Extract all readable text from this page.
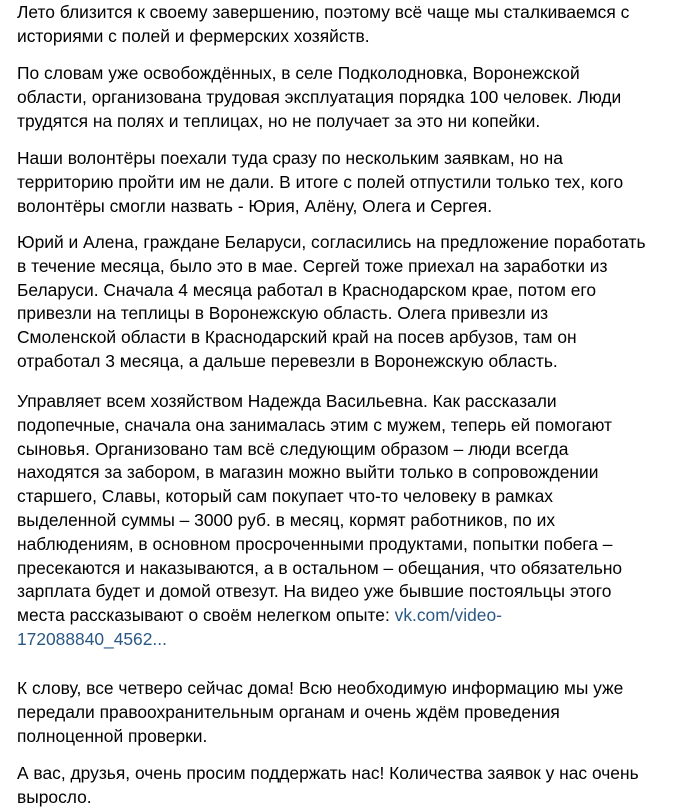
Лето близится к своему завершению, поэтому всё чаще мы сталкиваемся с
историями с полей и фермерских хозяйств.

По словам уже освобождённых, в селе Подколодновка, Воронежской
области, организована трудовая эксплуатация порядка 100 человек. Люди
трудятся на полях и теплицах, но не получает за это ни копейки.

Наши волонтёры поехали туда сразу по нескольким заявкам, но на
территорию пройти им не дали. В итоге с полей отпустили только тех, кого
волонтёры смогли назвать - Юрия, Алёну, Олега и Сергея.

Юрий и Алена, граждане Беларуси, согласились на предложение поработать
в течение месяца, было это в мае. Сергей тоже приехал на заработки из
Беларуси. Сначала 4 месяца работал в Краснодарском крае, потом его
привезли на теплицы в Воронежскую область. Олега привезли из
Смоленской области в Краснодарский край на посев арбузов, там он
отработал 3 месяца, а дальше перевезли в Воронежскую область.

Управляет всем хозяйством Надежда Васильевна. Как рассказали
подопечные, сначала она занималась этим с мужем, теперь ей помогают
сыновья. Организовано там всё следующим образом – люди всегда
находятся за забором, в магазин можно выйти только в сопровождении
старшего, Славы, который сам покупает что-то человеку в рамках
выделенной суммы – 3000 руб. в месяц, кормят работников, по их
наблюдениям, в основном просроченными продуктами, попытки побега –
пресекаются и наказываются, а в остальном – обещания, что обязательно
зарплата будет и домой отвезут. На видео уже бывшие постояльцы этого
места рассказывают о своём нелегком опыте: vk.com/video-
172088840_4562...

К слову, все четверо сейчас дома! Всю необходимую информацию мы уже
передали правоохранительным органам и очень ждём проведения
полноценной проверки.

А вас, друзья, очень просим поддержать нас! Количества заявок у нас очень
выросло.
